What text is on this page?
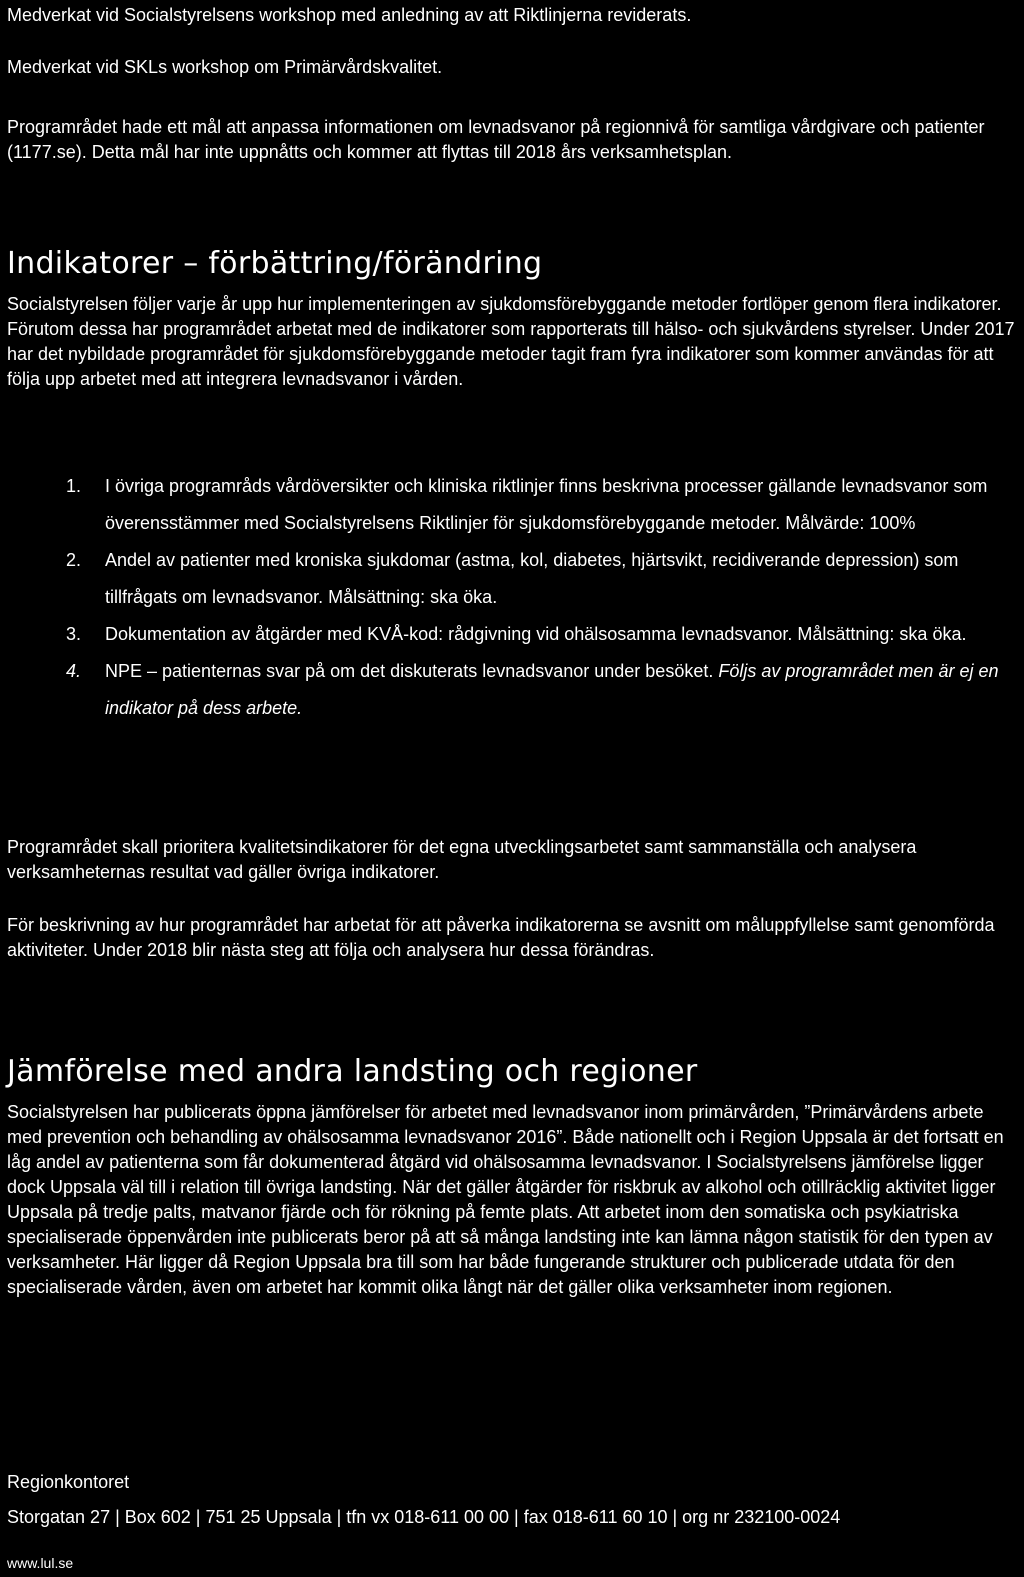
Medverkat vid Socialstyrelsens workshop med anledning av att Riktlinjerna reviderats.

Medverkat vid SKLs workshop om Primärvårdskvalitet.

Programrådet hade ett mål att anpassa informationen om levnadsvanor på regionnivå för samtliga vårdgivare och patienter (1177.se). Detta mål har inte uppnåtts och kommer att flyttas till 2018 års verksamhetsplan.

Indikatorer – förbättring/förändring

Socialstyrelsen följer varje år upp hur implementeringen av sjukdomsförebyggande metoder fortlöper genom flera indikatorer. Förutom dessa har programrådet arbetat med de indikatorer som rapporterats till hälso- och sjukvårdens styrelser. Under 2017 har det nybildade programrådet för sjukdomsförebyggande metoder tagit fram fyra indikatorer som kommer användas för att följa upp arbetet med att integrera levnadsvanor i vården.

1. I övriga programråds vårdöversikter och kliniska riktlinjer finns beskrivna processer gällande levnadsvanor som överensstämmer med Socialstyrelsens Riktlinjer för sjukdomsförebyggande metoder. Målvärde: 100%
2. Andel av patienter med kroniska sjukdomar (astma, kol, diabetes, hjärtsvikt, recidiverande depression) som tillfrågats om levnadsvanor. Målsättning: ska öka.
3. Dokumentation av åtgärder med KVÅ-kod: rådgivning vid ohälsosamma levnadsvanor. Målsättning: ska öka.
4. NPE – patienternas svar på om det diskuterats levnadsvanor under besöket. Följs av programrådet men är ej en indikator på dess arbete.

Programrådet skall prioritera kvalitetsindikatorer för det egna utvecklingsarbetet samt sammanställa och analysera verksamheternas resultat vad gäller övriga indikatorer.

För beskrivning av hur programrådet har arbetat för att påverka indikatorerna se avsnitt om måluppfyllelse samt genomförda aktiviteter. Under 2018 blir nästa steg att följa och analysera hur dessa förändras.

Jämförelse med andra landsting och regioner

Socialstyrelsen har publicerats öppna jämförelser för arbetet med levnadsvanor inom primärvården, ”Primärvårdens arbete med prevention och behandling av ohälsosamma levnadsvanor 2016”. Både nationellt och i Region Uppsala är det fortsatt en låg andel av patienterna som får dokumenterad åtgärd vid ohälsosamma levnadsvanor. I Socialstyrelsens jämförelse ligger dock Uppsala väl till i relation till övriga landsting. När det gäller åtgärder för riskbruk av alkohol och otillräcklig aktivitet ligger Uppsala på tredje palts, matvanor fjärde och för rökning på femte plats. Att arbetet inom den somatiska och psykiatriska specialiserade öppenvården inte publicerats beror på att så många landsting inte kan lämna någon statistik för den typen av verksamheter. Här ligger då Region Uppsala bra till som har både fungerande strukturer och publicerade utdata för den specialiserade vården, även om arbetet har kommit olika långt när det gäller olika verksamheter inom regionen.

Regionkontoret

Storgatan 27 | Box 602 | 751 25 Uppsala | tfn vx 018-611 00 00 | fax 018-611 60 10 | org nr 232100-0024

www.lul.se
